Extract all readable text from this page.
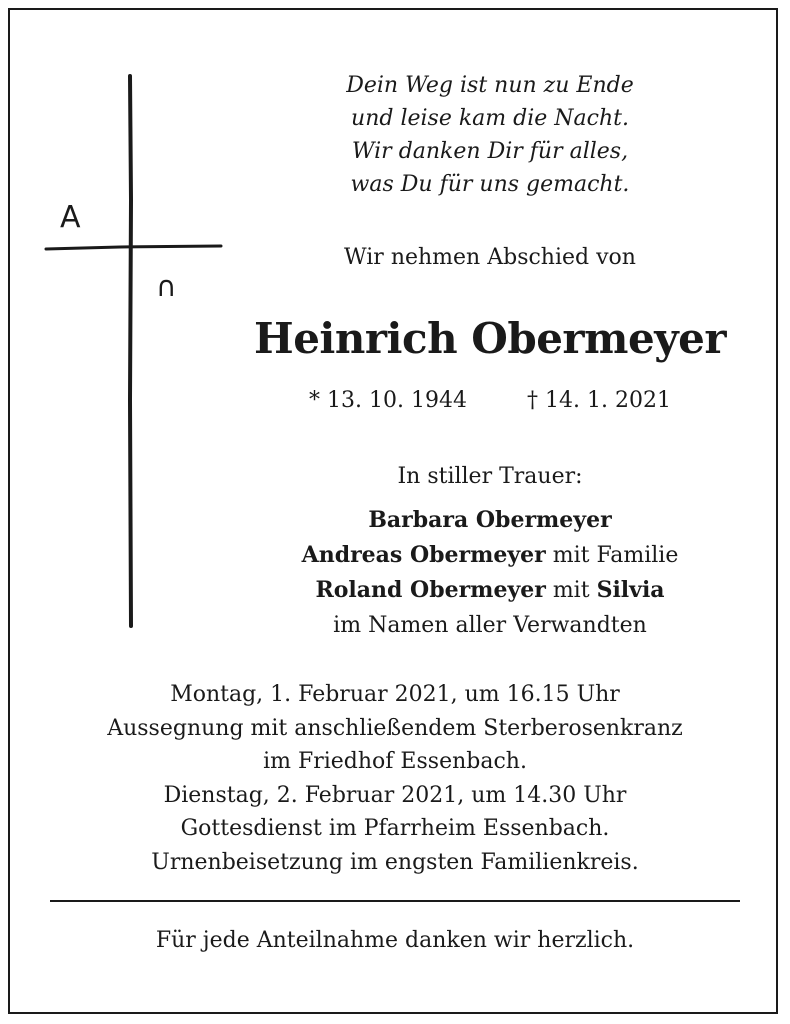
A
∩
Dein Weg ist nun zu Ende
und leise kam die Nacht.
Wir danken Dir für alles,
was Du für uns gemacht.
Wir nehmen Abschied von
Heinrich Obermeyer
* 13. 10. 1944	† 14. 1. 2021
In stiller Trauer:
Barbara Obermeyer
Andreas Obermeyer mit Familie
Roland Obermeyer mit Silvia
im Namen aller Verwandten
Montag, 1. Februar 2021, um 16.15 Uhr
Aussegnung mit anschließendem Sterberosenkranz
im Friedhof Essenbach.
Dienstag, 2. Februar 2021, um 14.30 Uhr
Gottesdienst im Pfarrheim Essenbach.
Urnenbeisetzung im engsten Familienkreis.
Für jede Anteilnahme danken wir herzlich.
